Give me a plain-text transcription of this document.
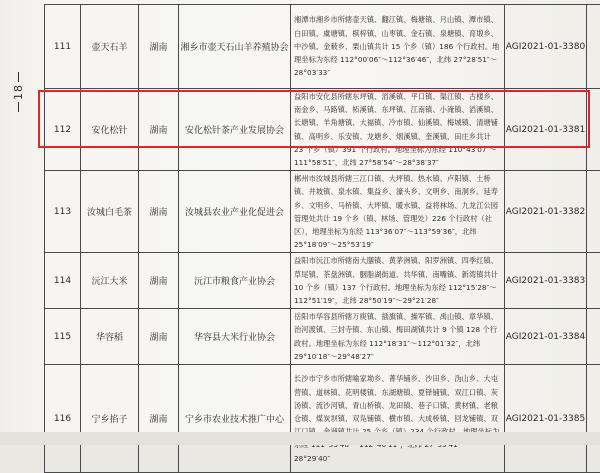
18
111	壶天石羊	湖南	湘乡市壶天石山羊养殖协会	湘潭市湘乡市所辖壶天镇、翻江镇、梅塘镇、月山镇、潭市镇、白田镇、虞塘镇、棋梓镇、山枣镇、金石镇、泉塘镇、育塅乡、中沙镇、金薮乡、栗山镇共计 15 个乡（镇）186 个行政村。地理坐标为东经 112°00′06″～112°36′46″，北纬 27°28′51″～28°03′33″	AGI2021-01-3380	
112	安化松针	湖南	安化松针茶产业发展协会	益阳市安化县所辖东坪镇、滔溪镇、平口镇、渠江镇、古楼乡、南金乡、马路镇、柘溪镇、东坪镇、江南镇、小淹镇、滔溪镇、长塘镇、羊角塘镇、大福镇、冷市镇、仙溪镇、梅城镇、清塘铺镇、高明乡、乐安镇、龙塘乡、烟溪镇、奎溪镇、田庄乡共计 23 个乡（镇）391 个行政村。地理坐标为东经 110°43′07″～111°58′51″，北纬 27°58′54″～28°38′37″	AGI2021-01-3381	
113	汝城白毛茶	湖南	汝城县农业产业化促进会	郴州市汝城县所辖三江口镇、大坪镇、热水镇、卢阳镇、土桥镇、井坡镇、泉水镇、集益乡、濠头乡、文明乡、南洞乡、延寿乡、文明乡、马桥镇、大坪镇、暖水镇、益将林场、九龙江公园管理处共计 19 个乡（镇、林场、管理处）226 个行政村（社区），地理坐标为东经 113°36′07″～113°59′36″，北纬 25°18′09″～25°53′19″	AGI2021-01-3382	
114	沅江大米	湖南	沅江市粮食产业协会	益阳市沅江市所辖南大膳镇、黄茅洲镇、阳罗洲镇、四季红镇、草尾镇、茶盘洲镇、胭脂湖街道、共华镇、南嘴镇、新湾镇共计 10 个乡（镇）137 个行政村。地理坐标为东经 112°15′28″～112°51′19″，北纬 28°50′19″～29°21′28″	AGI2021-01-3383	
115	华容稻	湖南	华容县大米行业协会	岳阳市华容县所辖万庾镇、插旗镇、操军镇、禹山镇、章华镇、治河渡镇、三封寺镇、东山镇、梅田湖镇共计 9 个镇 128 个行政村。地理坐标为东经 112°18′31″～112°01′32″，北纬 29°10′18″～29°48′27″	AGI2021-01-3384	
116	宁乡掐子	湖南	宁乡市农业技术推广中心	长沙市宁乡市所辖喻家坳乡、菁华铺乡、沙田乡、沩山乡、大屯营镇、道林镇、花明楼镇、东湖塘镇、夏铎铺镇、双江口镇、灰汤镇、流沙河镇、青山桥镇、龙田镇、巷子口镇、黄材镇、老粮仓镇、煤炭坝镇、双凫铺镇、横市镇、大成桥镇、回龙铺镇、双 28°29′40″	AGI2021-01-3385	
